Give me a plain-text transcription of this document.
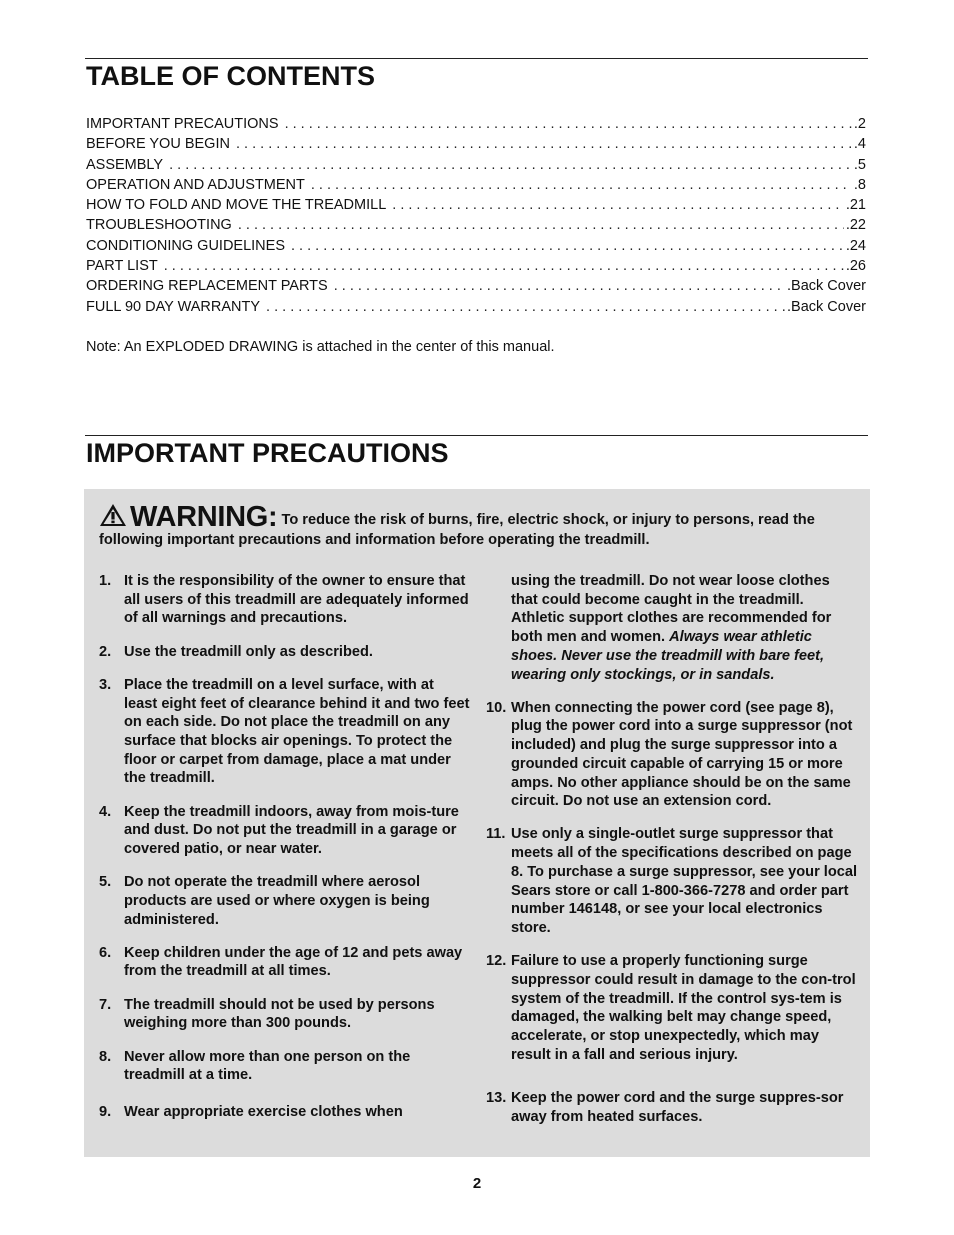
TABLE OF CONTENTS
IMPORTANT PRECAUTIONS . . .	.2
BEFORE YOU BEGIN . . .	.4
ASSEMBLY . . .	.5
OPERATION AND ADJUSTMENT . . .	.8
HOW TO FOLD AND MOVE THE TREADMILL . . .	.21
TROUBLESHOOTING . . .	.22
CONDITIONING GUIDELINES . . .	.24
PART LIST . . .	.26
ORDERING REPLACEMENT PARTS . . .	.Back Cover
FULL 90 DAY WARRANTY . . .	.Back Cover
Note: An EXPLODED DRAWING is attached in the center of this manual.
IMPORTANT PRECAUTIONS
WARNING: To reduce the risk of burns, fire, electric shock, or injury to persons, read the following important precautions and information before operating the treadmill.
1. It is the responsibility of the owner to ensure that all users of this treadmill are adequately informed of all warnings and precautions.
2. Use the treadmill only as described.
3. Place the treadmill on a level surface, with at least eight feet of clearance behind it and two feet on each side. Do not place the treadmill on any surface that blocks air openings. To protect the floor or carpet from damage, place a mat under the treadmill.
4. Keep the treadmill indoors, away from mois-ture and dust. Do not put the treadmill in a garage or covered patio, or near water.
5. Do not operate the treadmill where aerosol products are used or where oxygen is being administered.
6. Keep children under the age of 12 and pets away from the treadmill at all times.
7. The treadmill should not be used by persons weighing more than 300 pounds.
8. Never allow more than one person on the treadmill at a time.
9. Wear appropriate exercise clothes when
using the treadmill. Do not wear loose clothes that could become caught in the treadmill. Athletic support clothes are recommended for both men and women. Always wear athletic shoes. Never use the treadmill with bare feet, wearing only stockings, or in sandals.
10. When connecting the power cord (see page 8), plug the power cord into a surge suppressor (not included) and plug the surge suppressor into a grounded circuit capable of carrying 15 or more amps. No other appliance should be on the same circuit. Do not use an extension cord.
11. Use only a single-outlet surge suppressor that meets all of the specifications described on page 8. To purchase a surge suppressor, see your local Sears store or call 1-800-366-7278 and order part number 146148, or see your local electronics store.
12. Failure to use a properly functioning surge suppressor could result in damage to the con-trol system of the treadmill. If the control sys-tem is damaged, the walking belt may change speed, accelerate, or stop unexpectedly, which may result in a fall and serious injury.
13. Keep the power cord and the surge suppres-sor away from heated surfaces.
2
